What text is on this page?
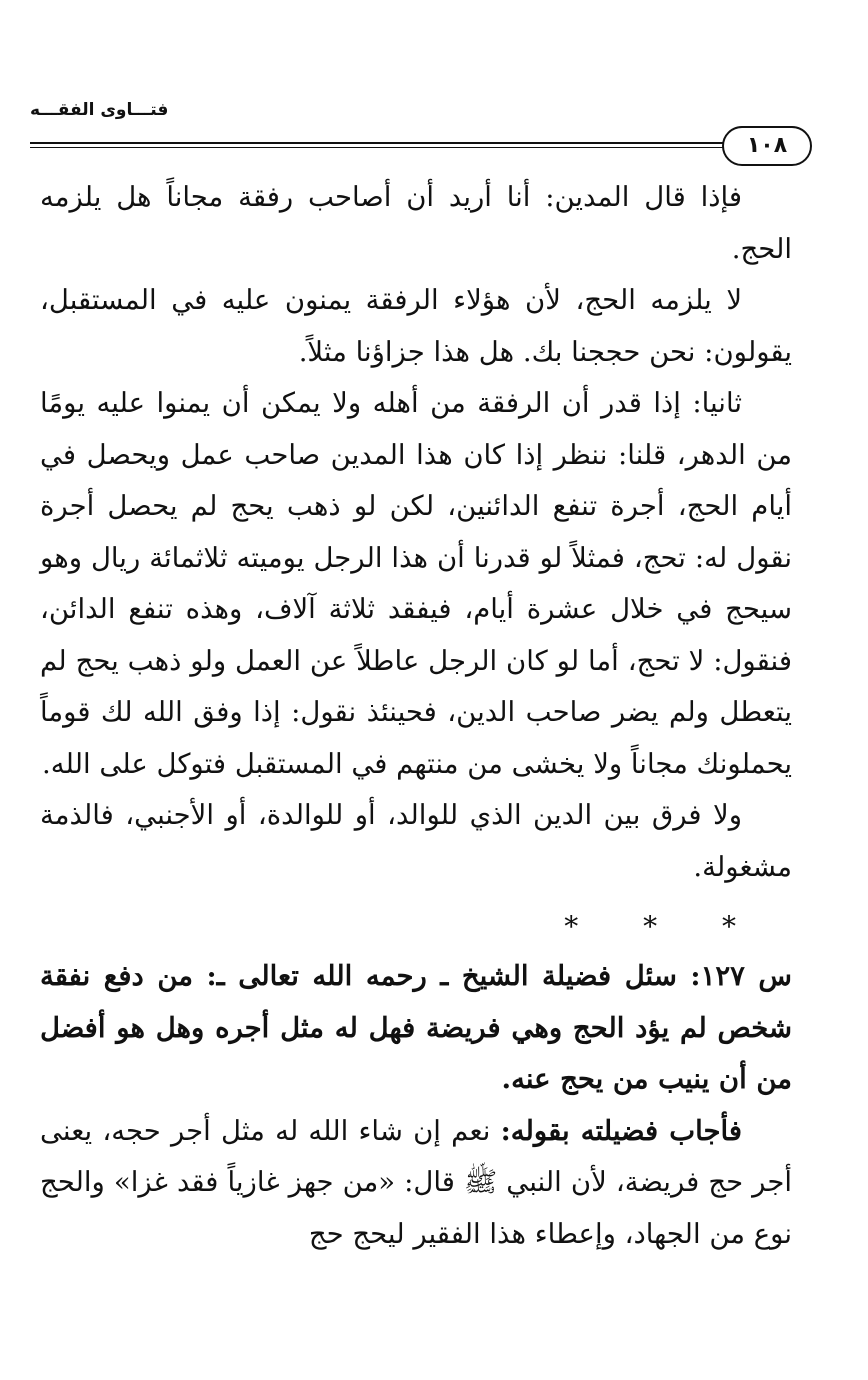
فتـــاوى الفقـــه
١٠٨

فإذا قال المدين: أنا أريد أن أصاحب رفقة مجاناً هل يلزمه الحج.

لا يلزمه الحج، لأن هؤلاء الرفقة يمنون عليه في المستقبل، يقولون: نحن حججنا بك. هل هذا جزاؤنا مثلاً.

ثانيا: إذا قدر أن الرفقة من أهله ولا يمكن أن يمنوا عليه يومًا من الدهر، قلنا: ننظر إذا كان هذا المدين صاحب عمل ويحصل في أيام الحج، أجرة تنفع الدائنين، لكن لو ذهب يحج لم يحصل أجرة نقول له: تحج، فمثلاً لو قدرنا أن هذا الرجل يوميته ثلاثمائة ريال وهو سيحج في خلال عشرة أيام، فيفقد ثلاثة آلاف، وهذه تنفع الدائن، فنقول: لا تحج، أما لو كان الرجل عاطلاً عن العمل ولو ذهب يحج لم يتعطل ولم يضر صاحب الدين، فحينئذ نقول: إذا وفق الله لك قوماً يحملونك مجاناً ولا يخشى من منتهم في المستقبل فتوكل على الله.

ولا فرق بين الدين الذي للوالد، أو للوالدة، أو الأجنبي، فالذمة مشغولة.

* * *

س ١٢٧: سئل فضيلة الشيخ ـ رحمه الله تعالى ـ: من دفع نفقة شخص لم يؤد الحج وهي فريضة فهل له مثل أجره وهل هو أفضل من أن ينيب من يحج عنه.

فأجاب فضيلته بقوله: نعم إن شاء الله له مثل أجر حجه، يعنى أجر حج فريضة، لأن النبي ﷺ قال: «من جهز غازياً فقد غزا» والحج نوع من الجهاد، وإعطاء هذا الفقير ليحج حج
